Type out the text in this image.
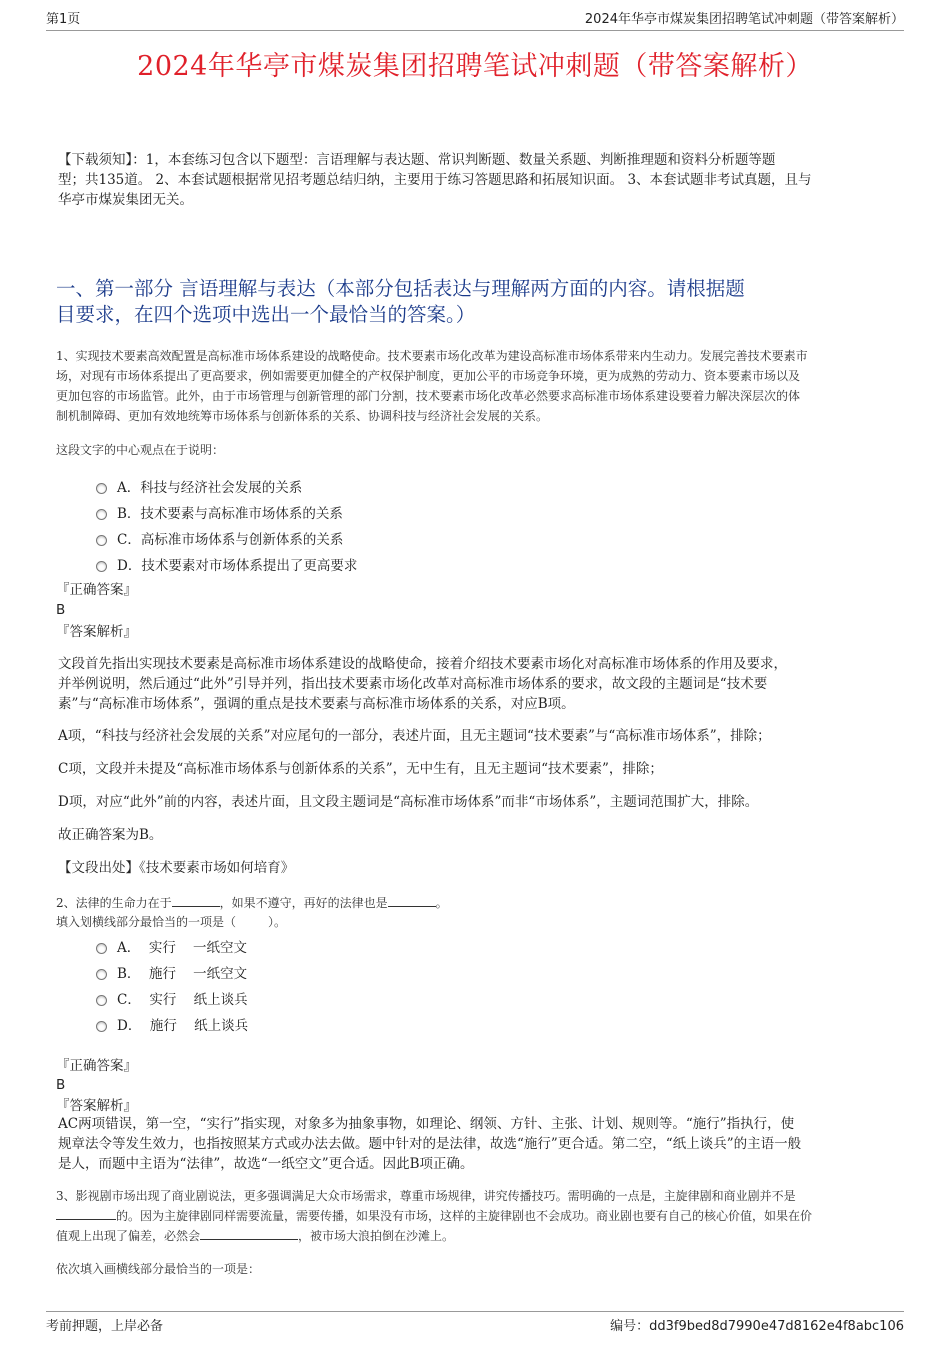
第1页	2024年华亭市煤炭集团招聘笔试冲刺题（带答案解析）
2024年华亭市煤炭集团招聘笔试冲刺题（带答案解析）
【下载须知】：1，本套练习包含以下题型：言语理解与表达题、常识判断题、数量关系题、判断推理题和资料分析题等题
型；共135道。 2、本套试题根据常见招考题总结归纳，主要用于练习答题思路和拓展知识面。 3、本套试题非考试真题，且与
华亭市煤炭集团无关。
一、第一部分 言语理解与表达（本部分包括表达与理解两方面的内容。请根据题
目要求，在四个选项中选出一个最恰当的答案。）
1、实现技术要素高效配置是高标准市场体系建设的战略使命。技术要素市场化改革为建设高标准市场体系带来内生动力。发展完善技术要素市
场，对现有市场体系提出了更高要求，例如需要更加健全的产权保护制度，更加公平的市场竞争环境，更为成熟的劳动力、资本要素市场以及
更加包容的市场监管。此外，由于市场管理与创新管理的部门分割，技术要素市场化改革必然要求高标准市场体系建设要着力解决深层次的体
制机制障碍、更加有效地统筹市场体系与创新体系的关系、协调科技与经济社会发展的关系。
这段文字的中心观点在于说明：
A．科技与经济社会发展的关系
B．技术要素与高标准市场体系的关系
C．高标准市场体系与创新体系的关系
D．技术要素对市场体系提出了更高要求
『正确答案』
B
『答案解析』
文段首先指出实现技术要素是高标准市场体系建设的战略使命，接着介绍技术要素市场化对高标准市场体系的作用及要求，
并举例说明，然后通过“此外”引导并列，指出技术要素市场化改革对高标准市场体系的要求，故文段的主题词是“技术要
素”与“高标准市场体系”，强调的重点是技术要素与高标准市场体系的关系，对应B项。
A项，“科技与经济社会发展的关系”对应尾句的一部分，表述片面，且无主题词“技术要素”与“高标准市场体系”，排除；
C项，文段并未提及“高标准市场体系与创新体系的关系”，无中生有，且无主题词“技术要素”，排除；
D项，对应“此外”前的内容，表述片面，且文段主题词是“高标准市场体系”而非“市场体系”，主题词范围扩大，排除。
故正确答案为B。
【文段出处】《技术要素市场如何培育》
2、法律的生命力在于	，如果不遵守，再好的法律也是	。
填入划横线部分最恰当的一项是（	）。
A．  实行    一纸空文
B．  施行    一纸空文
C．  实行    纸上谈兵
D．  施行    纸上谈兵
『正确答案』
B
『答案解析』
AC两项错误，第一空，“实行”指实现，对象多为抽象事物，如理论、纲领、方针、主张、计划、规则等。“施行”指执行，使
规章法令等发生效力，也指按照某方式或办法去做。题中针对的是法律，故选“施行”更合适。第二空，“纸上谈兵”的主语一般
是人，而题中主语为“法律”，故选“一纸空文”更合适。因此B项正确。
3、影视剧市场出现了商业剧说法，更多强调满足大众市场需求，尊重市场规律，讲究传播技巧。需明确的一点是，主旋律剧和商业剧并不是
的。因为主旋律剧同样需要流量，需要传播，如果没有市场，这样的主旋律剧也不会成功。商业剧也要有自己的核心价值，如果在价
值观上出现了偏差，必然会	，被市场大浪拍倒在沙滩上。
依次填入画横线部分最恰当的一项是：
考前押题，上岸必备	编号：dd3f9bed8d7990e47d8162e4f8abc106
